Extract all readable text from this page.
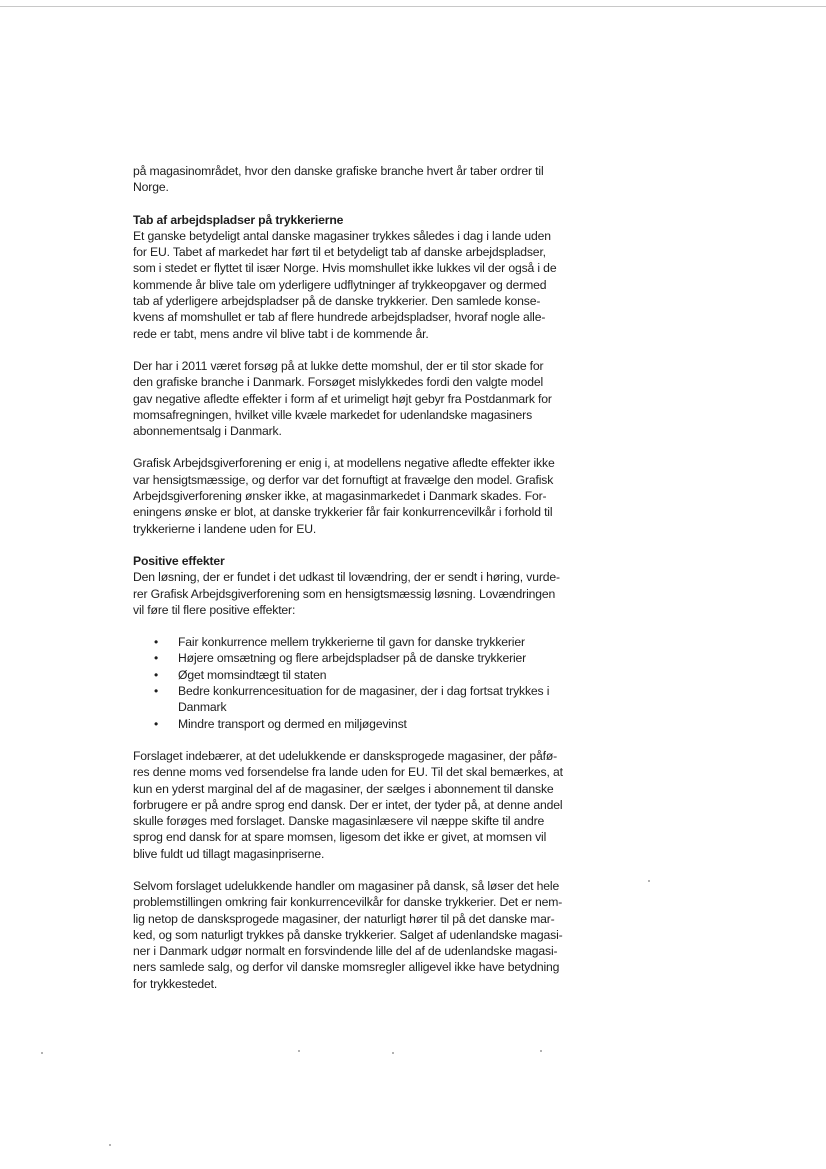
på magasinområdet, hvor den danske grafiske branche hvert år taber ordrer til
Norge.
Tab af arbejdspladser på trykkerierne
Et ganske betydeligt antal danske magasiner trykkes således i dag i lande uden
for EU. Tabet af markedet har ført til et betydeligt tab af danske arbejdspladser,
som i stedet er flyttet til især Norge. Hvis momshullet ikke lukkes vil der også i de
kommende år blive tale om yderligere udflytninger af trykkeopgaver og dermed
tab af yderligere arbejdspladser på de danske trykkerier. Den samlede konse-
kvens af momshullet er tab af flere hundrede arbejdspladser, hvoraf nogle alle-
rede er tabt, mens andre vil blive tabt i de kommende år.
Der har i 2011 været forsøg på at lukke dette momshul, der er til stor skade for
den grafiske branche i Danmark. Forsøget mislykkedes fordi den valgte model
gav negative afledte effekter i form af et urimeligt højt gebyr fra Postdanmark for
momsafregningen, hvilket ville kvæle markedet for udenlandske magasiners
abonnementsalg i Danmark.
Grafisk Arbejdsgiverforening er enig i, at modellens negative afledte effekter ikke
var hensigtsmæssige, og derfor var det fornuftigt at fravælge den model. Grafisk
Arbejdsgiverforening ønsker ikke, at magasinmarkedet i Danmark skades. For-
eningens ønske er blot, at danske trykkerier får fair konkurrencevilkår i forhold til
trykkerierne i landene uden for EU.
Positive effekter
Den løsning, der er fundet i det udkast til lovændring, der er sendt i høring, vurde-
rer Grafisk Arbejdsgiverforening som en hensigtsmæssig løsning. Lovændringen
vil føre til flere positive effekter:
• Fair konkurrence mellem trykkerierne til gavn for danske trykkerier
• Højere omsætning og flere arbejdspladser på de danske trykkerier
• Øget momsindtægt til staten
• Bedre konkurrencesituation for de magasiner, der i dag fortsat trykkes i
Danmark
• Mindre transport og dermed en miljøgevinst
Forslaget indebærer, at det udelukkende er dansksprogede magasiner, der påfø-
res denne moms ved forsendelse fra lande uden for EU. Til det skal bemærkes, at
kun en yderst marginal del af de magasiner, der sælges i abonnement til danske
forbrugere er på andre sprog end dansk. Der er intet, der tyder på, at denne andel
skulle forøges med forslaget. Danske magasinlæsere vil næppe skifte til andre
sprog end dansk for at spare momsen, ligesom det ikke er givet, at momsen vil
blive fuldt ud tillagt magasinpriserne.
Selvom forslaget udelukkende handler om magasiner på dansk, så løser det hele
problemstillingen omkring fair konkurrencevilkår for danske trykkerier. Det er nem-
lig netop de dansksprogede magasiner, der naturligt hører til på det danske mar-
ked, og som naturligt trykkes på danske trykkerier. Salget af udenlandske magasi-
ner i Danmark udgør normalt en forsvindende lille del af de udenlandske magasi-
ners samlede salg, og derfor vil danske momsregler alligevel ikke have betydning
for trykkestedet.
